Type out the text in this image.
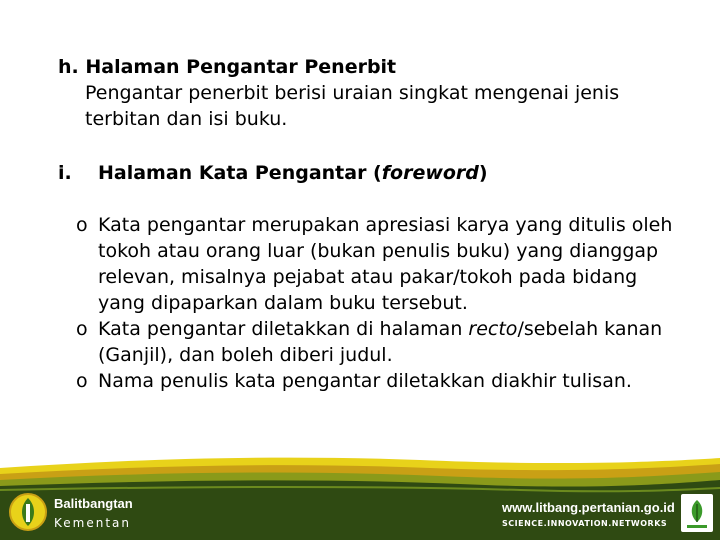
h. Halaman Pengantar Penerbit
Pengantar penerbit berisi uraian singkat mengenai jenis
terbitan dan isi buku.
i. Halaman Kata Pengantar (foreword)
o Kata pengantar merupakan apresiasi karya yang ditulis oleh
tokoh atau orang luar (bukan penulis buku) yang dianggap
relevan, misalnya pejabat atau pakar/tokoh pada bidang
yang dipaparkan dalam buku tersebut.
o Kata pengantar diletakkan di halaman recto/sebelah kanan
(Ganjil), dan boleh diberi judul.
o Nama penulis kata pengantar diletakkan diakhir tulisan.
Balitbangtan
Kementan
www.litbang.pertanian.go.id
SCIENCE.INNOVATION.NETWORKS
